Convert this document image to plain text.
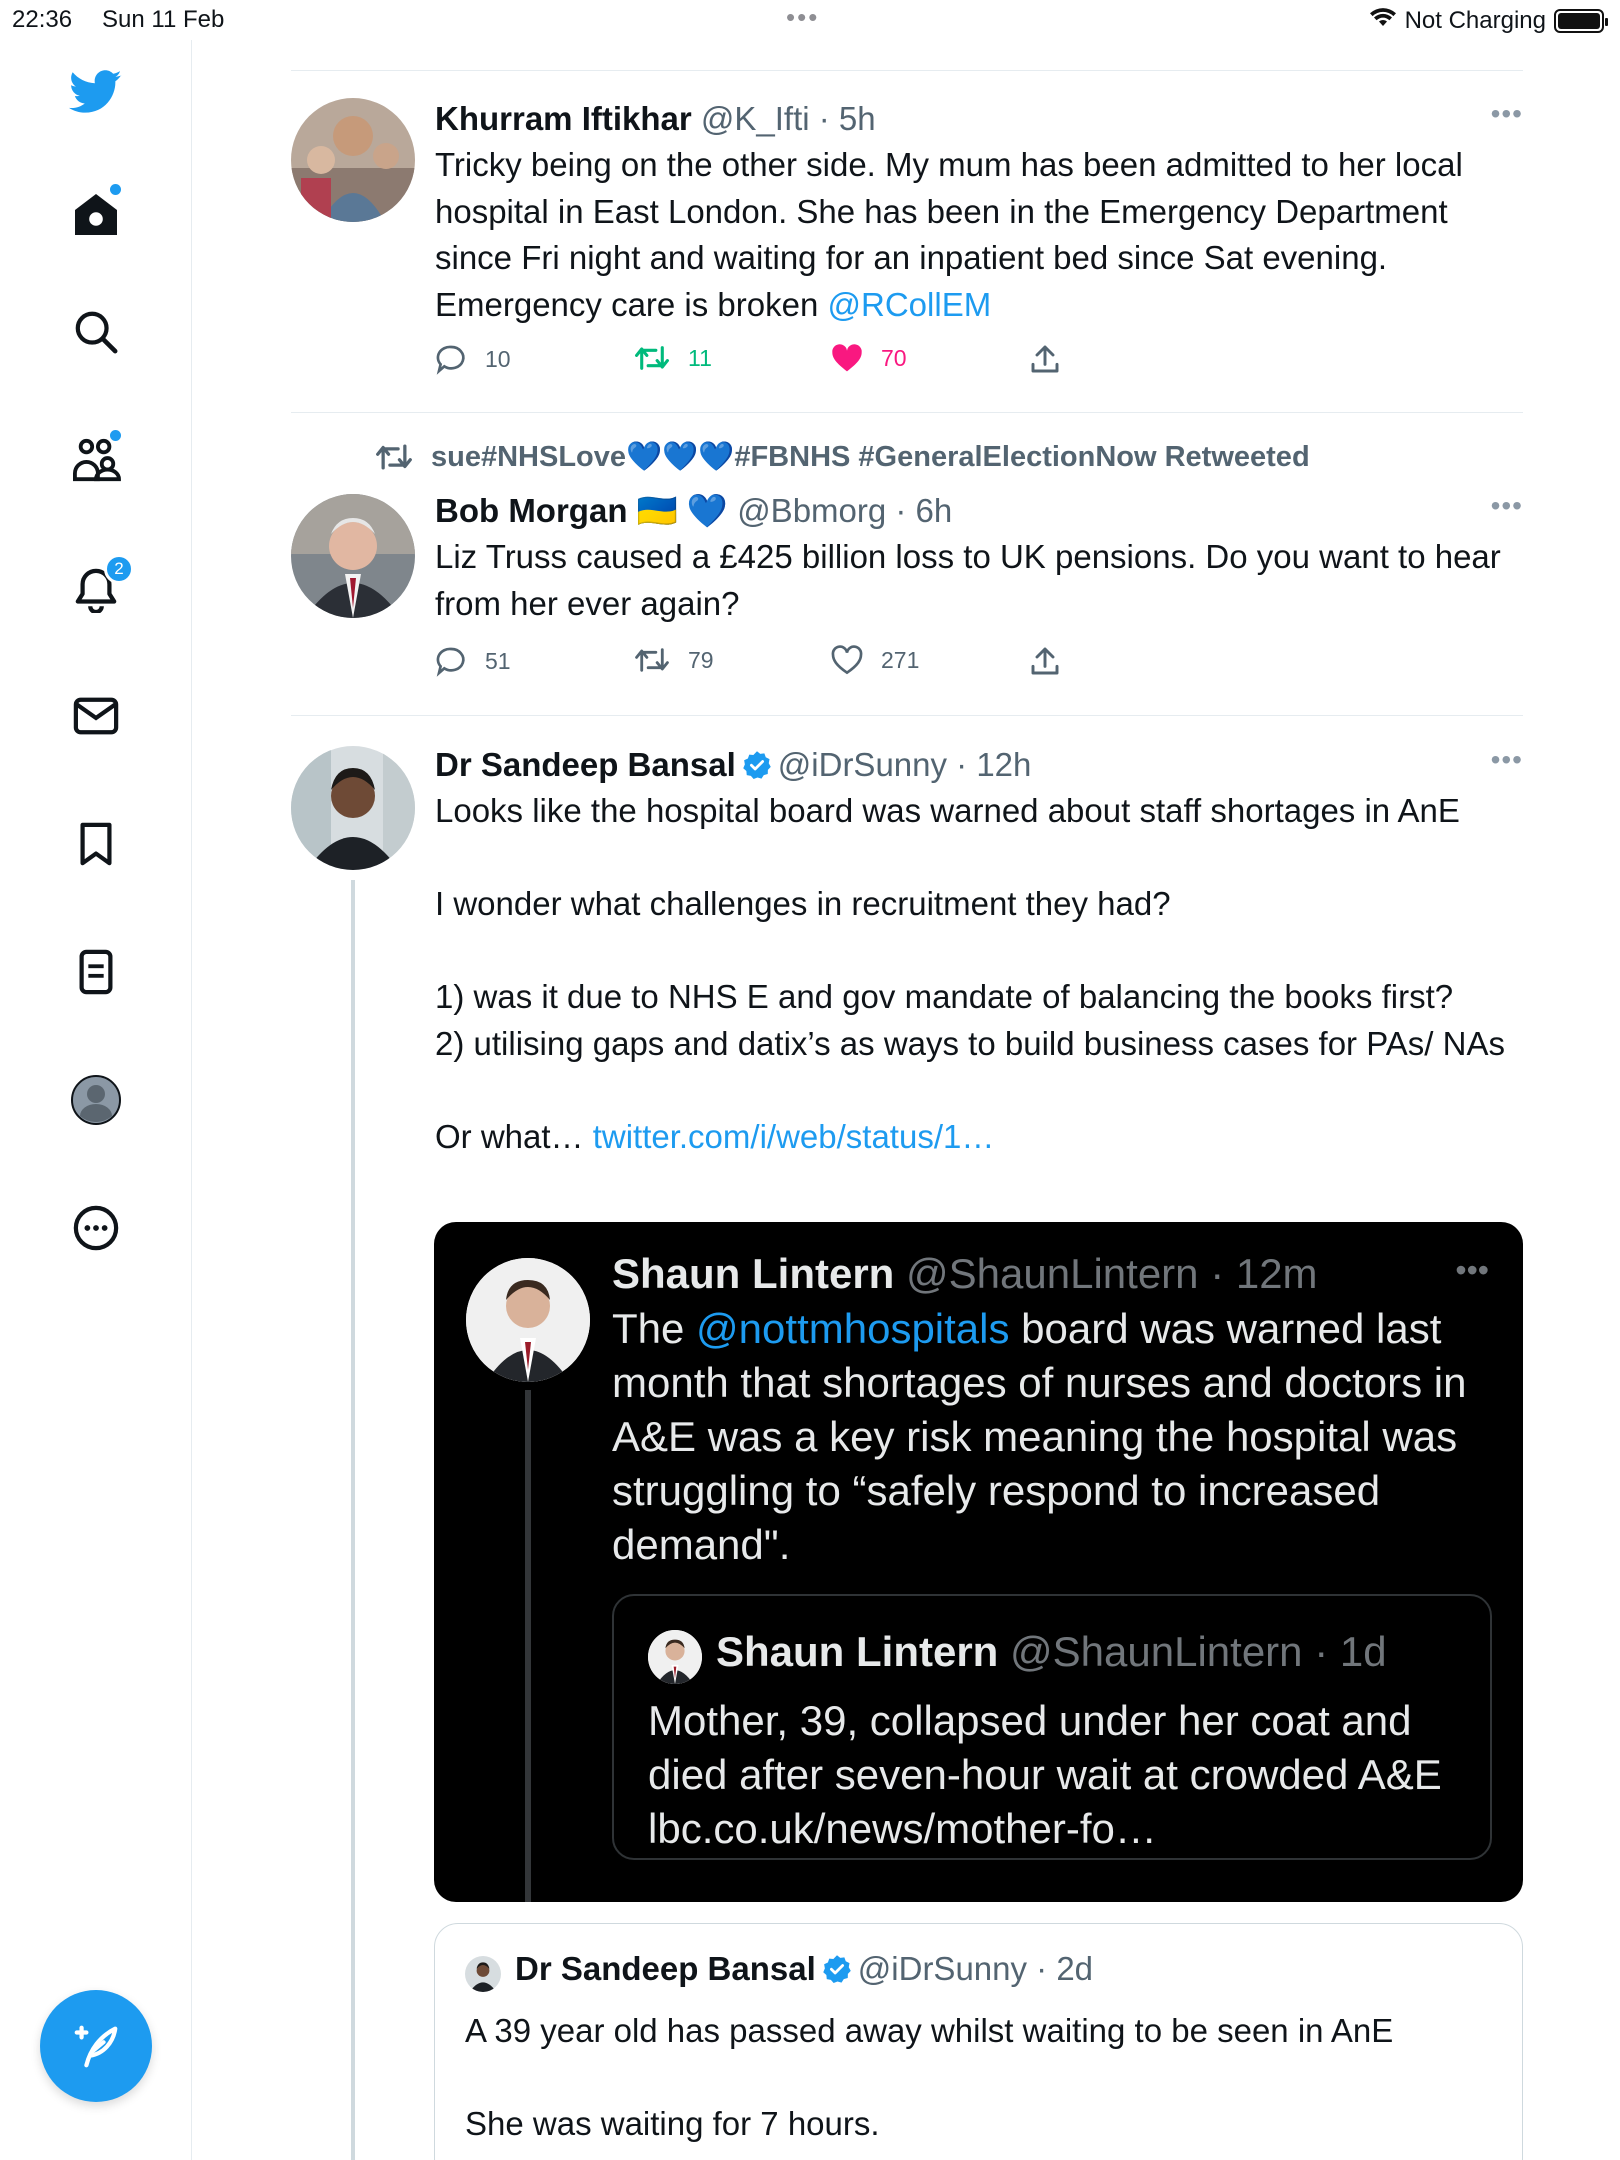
22:36 Sun 11 Feb	•••	Not Charging
2
Khurram Iftikhar @K_Ifti · 5h	•••
Tricky being on the other side. My mum has been admitted to her local hospital in East London. She has been in the Emergency Department since Fri night and waiting for an inpatient bed since Sat evening. Emergency care is broken @RCollEM
10	11	70
sue#NHSLove💙💙💙#FBNHS #GeneralElectionNow Retweeted
Bob Morgan 🇺🇦 💙 @Bbmorg · 6h	•••
Liz Truss caused a £425 billion loss to UK pensions. Do you want to hear from her ever again?
51	79	271
Dr Sandeep Bansal @iDrSunny · 12h	•••
Looks like the hospital board was warned about staff shortages in AnE

I wonder what challenges in recruitment they had?

1) was it due to NHS E and gov mandate of balancing the books first?
2) utilising gaps and datix’s as ways to build business cases for PAs/ NAs

Or what… twitter.com/i/web/status/1…
Shaun Lintern @ShaunLintern · 12m	•••
The @nottmhospitals board was warned last month that shortages of nurses and doctors in A&E was a key risk meaning the hospital was struggling to “safely respond to increased demand".
Shaun Lintern @ShaunLintern · 1d
Mother, 39, collapsed under her coat and died after seven-hour wait at crowded A&E lbc.co.uk/news/mother-fo…
Dr Sandeep Bansal @iDrSunny · 2d
A 39 year old has passed away whilst waiting to be seen in AnE

She was waiting for 7 hours.
